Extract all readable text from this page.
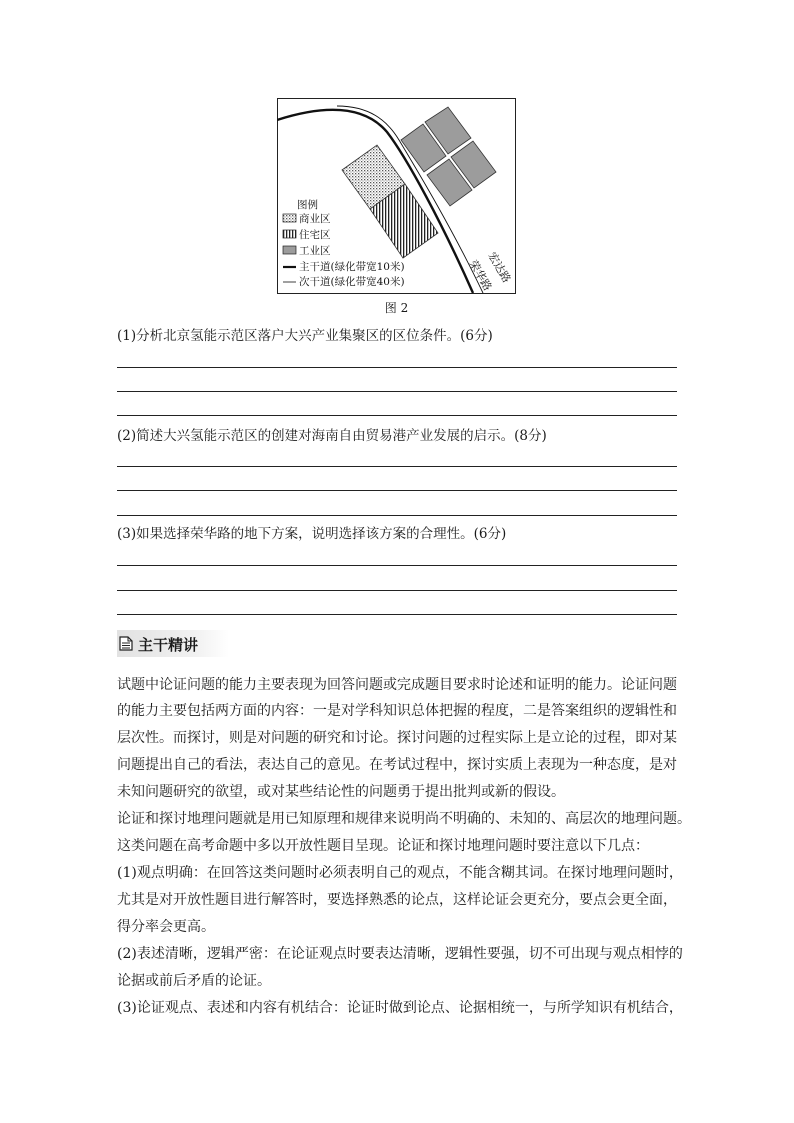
宏达路
荣华路
图例
商业区
住宅区
工业区
主干道(绿化带宽10米)
次干道(绿化带宽40米)
图 2
(1)分析北京氢能示范区落户大兴产业集聚区的区位条件。(6分)
(2)简述大兴氢能示范区的创建对海南自由贸易港产业发展的启示。(8分)
(3)如果选择荣华路的地下方案，说明选择该方案的合理性。(6分)
主干精讲
试题中论证问题的能力主要表现为回答问题或完成题目要求时论述和证明的能力。论证问题
的能力主要包括两方面的内容：一是对学科知识总体把握的程度，二是答案组织的逻辑性和
层次性。而探讨，则是对问题的研究和讨论。探讨问题的过程实际上是立论的过程，即对某
问题提出自己的看法，表达自己的意见。在考试过程中，探讨实质上表现为一种态度，是对
未知问题研究的欲望，或对某些结论性的问题勇于提出批判或新的假设。
论证和探讨地理问题就是用已知原理和规律来说明尚不明确的、未知的、高层次的地理问题。
这类问题在高考命题中多以开放性题目呈现。论证和探讨地理问题时要注意以下几点：
(1)观点明确：在回答这类问题时必须表明自己的观点，不能含糊其词。在探讨地理问题时，
尤其是对开放性题目进行解答时，要选择熟悉的论点，这样论证会更充分，要点会更全面，
得分率会更高。
(2)表述清晰，逻辑严密：在论证观点时要表达清晰，逻辑性要强，切不可出现与观点相悖的
论据或前后矛盾的论证。
(3)论证观点、表述和内容有机结合：论证时做到论点、论据相统一，与所学知识有机结合，
